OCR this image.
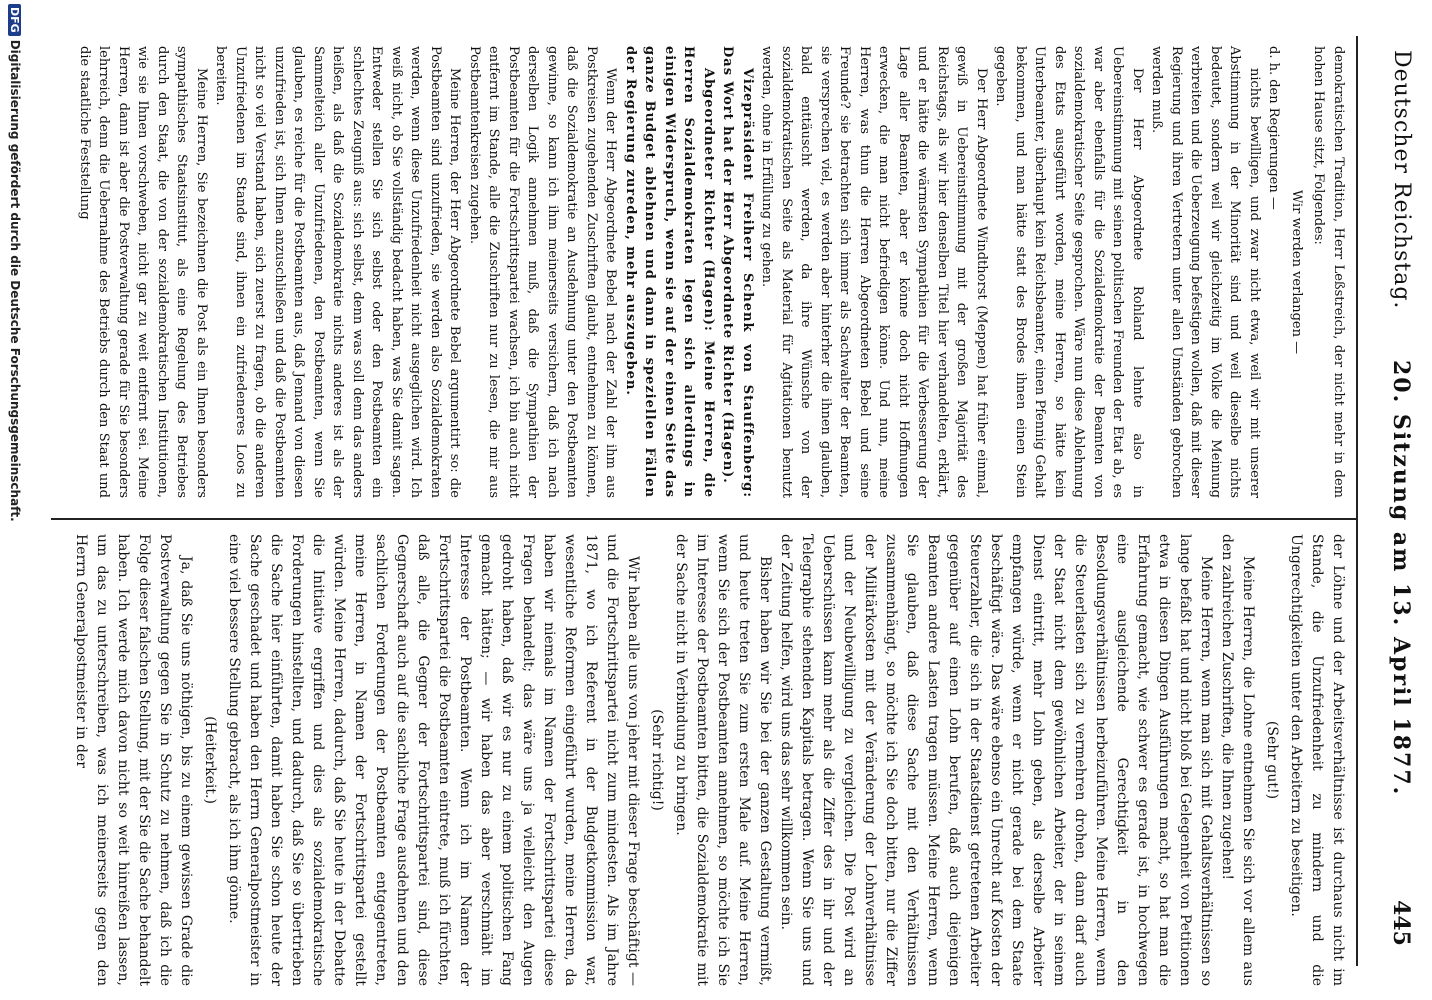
Deutscher Reichstag.
20. Sitzung am 13. April 1877.
445

demokratischen Tradition, Herr Leßstreich, der nicht mehr in dem hohen Hause sitzt, Folgendes:

Wir werden verlangen —

d. h. den Regierungen —

nichts bewilligen, und zwar nicht etwa, weil wir mit unserer Abstimmung in der Minorität sind und weil dieselbe nichts bedeutet, sondern weil wir gleichzeitig im Volke die Meinung verbreiten und die Ueberzeugung befestigen wollen, daß mit dieser Regierung und ihren Vertretern unter allen Umständen gebrochen werden muß.

Der Herr Abgeordnete Rohland lehnte also in Uebereinstimmung mit seinen politischen Freunden der Etat ab, es war aber ebenfalls für die Sozialdemokratie der Beamten von sozialdemokratischer Seite gesprochen. Wäre nun diese Ablehnung des Etats ausgeführt worden, meine Herren, so hätte kein Unterbeamter, überhaupt kein Reichsbeamter, einen Pfennig Gehalt bekommen, und man hätte statt des Brodes ihnen einen Stein gegeben.

Der Herr Abgeordnete Windthorst (Meppen) hat früher einmal, gewiß in Uebereinstimmung mit der großen Majorität des Reichstags, als wir hier denselben Titel hier verhandelten, erklärt, und er hätte die wärmsten Sympathien für die Verbesserung der Lage aller Beamten, aber er könne doch nicht Hoffnungen erwecken, die man nicht befriedigen könne. Und nun, meine Herren, was thun die Herren Abgeordneten Bebel und seine Freunde? sie betrachten sich immer als Sachwalter der Beamten, sie versprechen viel, es werden aber hinterher die ihnen glauben, bald enttäuscht werden, da ihre Wünsche von der sozialdemokratischen Seite als Material für Agitationen benutzt werden, ohne in Erfüllung zu gehen.

Vizepräsident Freiherr Schenk von Stauffenberg: Das Wort hat der Herr Abgeordnete Richter (Hagen).

Abgeordneter Richter (Hagen): Meine Herren, die Herren Sozialdemokraten legen sich allerdings in einigen Widerspruch, wenn sie auf der einen Seite das ganze Budget ablehnen und dann in speziellen Fällen der Regierung zureden, mehr auszugeben.

Wenn der Herr Abgeordnete Bebel nach der Zahl der ihm aus Postkreisen zugehenden Zuschriften glaubt, entnehmen zu können, daß die Sozialdemokratie an Ausdehnung unter den Postbeamten gewinne, so kann ich ihm meinerseits versichern, daß ich nach derselben Logik annehmen muß, daß die Sympathien der Postbeamten für die Fortschrittspartei wachsen, ich bin auch nicht entfernt im Stande, alle die Zuschriften nur zu lesen, die mir aus Postbeamtenkreisen zugehen.

Meine Herren, der Herr Abgeordnete Bebel argumentirt so: die Postbeamten sind unzufrieden, sie werden also Sozialdemokraten werden, wenn diese Unzufriedenheit nicht ausgeglichen wird. Ich weiß nicht, ob Sie vollständig bedacht haben, was Sie damit sagen. Entweder stellen Sie sich selbst oder den Postbeamten ein schlechtes Zeugniß aus: sich selbst, denn was soll denn das anders heißen, als daß die Sozialdemokratie nichts anderes ist als der Sammelteich aller Unzufriedenen, den Postbeamten, wenn Sie glauben, es reiche für die Postbeamten aus, daß Jemand von diesen unzufrieden ist, sich Ihnen anzuschließen und daß die Postbeamten nicht so viel Verstand haben, sich zuerst zu fragen, ob die anderen Unzufriedenen im Stande sind, ihnen ein zufriedeneres Loos zu bereiten.

Meine Herren, Sie bezeichnen die Post als ein Ihnen besonders sympathisches Staatsinstitut, als eine Regelung des Betriebes durch den Staat, die von der sozialdemokratischen Institutionen, wie sie Ihnen vorschweben, nicht gar zu weit entfernt sei. Meine Herren, dann ist aber die Postverwaltung gerade für Sie besonders lehrreich, denn die Uebernahme des Betriebs durch den Staat und die staatliche Feststellung

der Löhne und der Arbeitsverhältnisse ist durchaus nicht im Stande, die Unzufriedenheit zu mindern und die Ungerechtigkeiten unter den Arbeitern zu beseitigen.

(Sehr gut!)

Meine Herren, die Lohne entnehmen Sie sich vor allem aus den zahlreichen Zuschriften, die Ihnen zugehen!

Meine Herren, wenn man sich mit Gehaltsverhältnissen so lange befaßt hat und nicht bloß bei Gelegenheit von Petitionen etwa in diesen Dingen Ausführungen macht, so hat man die Erfahrung gemacht, wie schwer es gerade ist, in hochwegen eine ausgleichende Gerechtigkeit in den Besoldungsverhältnissen herbeizuführen. Meine Herren, wenn die Steuerlasten sich zu vermehren drohen, dann darf auch der Staat nicht dem gewöhnlichen Arbeiter, der in seinem Dienst eintritt, mehr Lohn geben, als derselbe Arbeiter empfangen würde, wenn er nicht gerade bei dem Staate beschäftigt wäre. Das wäre ebenso ein Unrecht auf Kosten der Steuerzahler, die sich in der Staatsdienst getretenen Arbeiter gegenüber auf einen Lohn berufen, daß auch diejenigen Beamten andere Lasten tragen müssen. Meine Herren, wenn Sie glauben, daß diese Sache mit den Verhältnissen zusammenhängt, so möchte ich Sie doch bitten, nur die Ziffer der Militärkosten mit der Veränderung der Lohnverhältnisse und der Neubewilligung zu vergleichen. Die Post wird an Ueberschüssen kann mehr als die Ziffer des in ihr und der Telegraphie stehenden Kapitals betragen. Wenn Sie uns und der Zeitung helfen, wird uns das sehr willkommen sein.

Bisher haben wir Sie bei der ganzen Gestaltung vermißt, und heute treten Sie zum ersten Male auf. Meine Herren, wenn Sie sich der Postbeamten annehmen, so möchte ich Sie im Interesse der Postbeamten bitten, die Sozialdemokratie mit der Sache nicht in Verbindung zu bringen.

(Sehr richtig!)

Wir haben alle uns von jeher mit dieser Frage beschäftigt — und die Fortschrittspartei nicht zum mindesten. Als im Jahre 1871, wo ich Referent in der Budgetkommission war, wesentliche Reformen eingeführt wurden, meine Herren, da haben wir niemals im Namen der Fortschrittspartei diese Fragen behandelt; das wäre uns ja vielleicht den Augen gedroht haben, daß wir es nur zu einem politischen Fang gemacht hätten; — wir haben das aber verschmäht im Interesse der Postbeamten. Wenn ich im Namen der Fortschrittspartei die Postbeamten eintrete, muß ich fürchten, daß alle, die Gegner der Fortschrittspartei sind, diese Gegnerschaft auch auf die sachliche Frage ausdehnen und den sachlichen Forderungen der Postbeamten entgegentreten, meine Herren, in Namen der Fortschrittspartei gestellt würden. Meine Herren, dadurch, daß Sie heute in der Debatte die Initiative ergriffen und dies als sozialdemokratische Forderungen hinstellten, und dadurch, daß Sie so übertrieben die Sache hier einführten, damit haben Sie schon heute der Sache geschadet und haben den Herrn Generalpostmeister in eine viel bessere Stellung gebracht, als ich ihm gönne.

(Heiterkeit.)

Ja, daß Sie uns nöthigen, bis zu einem gewissen Grade die Postverwaltung gegen Sie in Schutz zu nehmen, daß ich die Folge dieser falschen Stellung, mit der Sie die Sache behandelt haben. Ich werde mich davon nicht so weit hinreißen lassen, um das zu unterschreiben, was ich meinerseits gegen den Herrn Generalpostmeister in der

DFGDigitalisierung gefördert durch die Deutsche Forschungsgemeinschaft.
